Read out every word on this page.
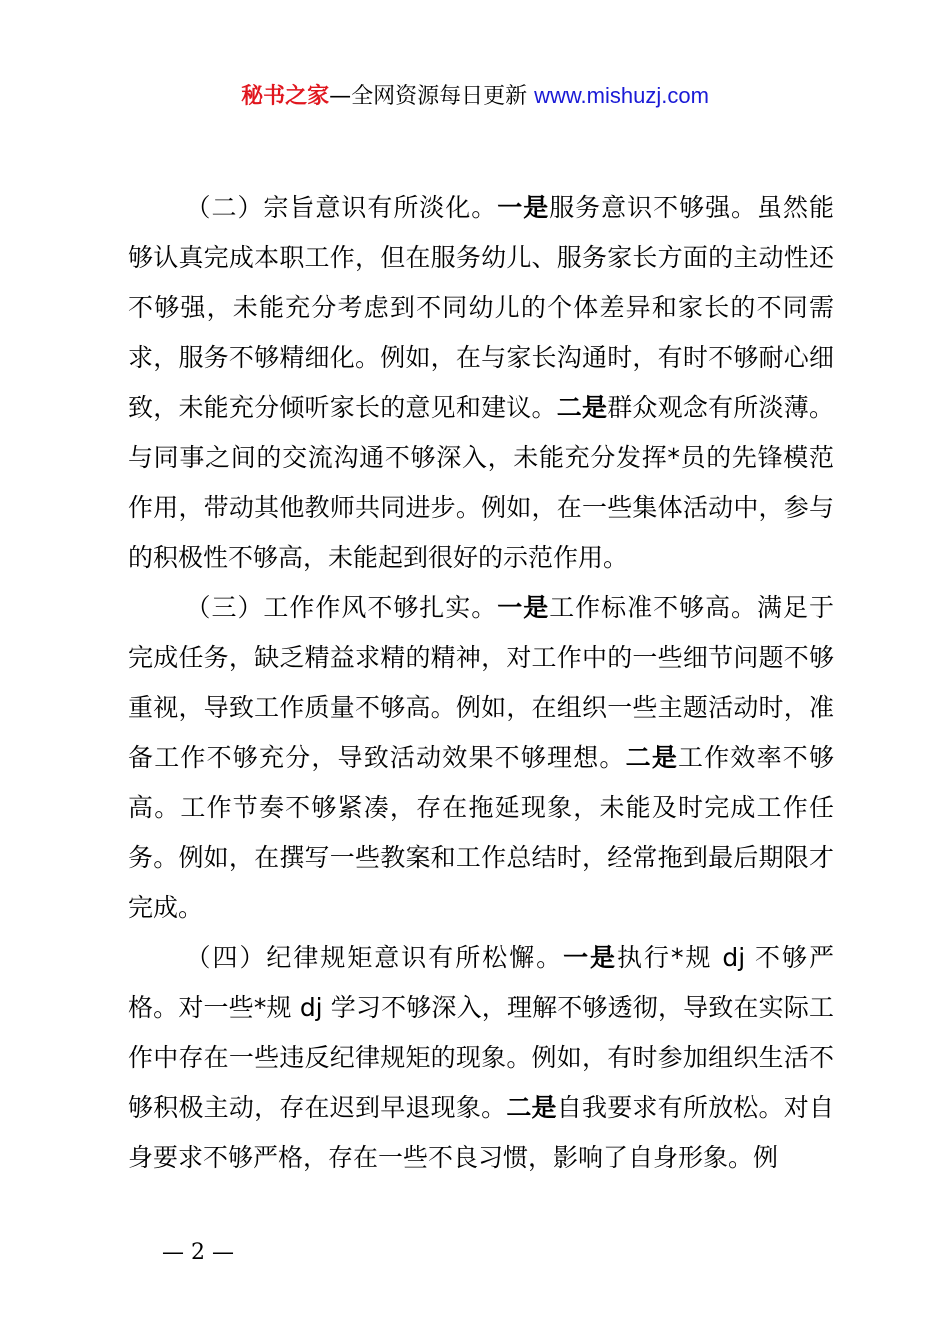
秘书之家—全网资源每日更新 www.mishuzj.com

（二）宗旨意识有所淡化。一是服务意识不够强。虽然能够认真完成本职工作，但在服务幼儿、服务家长方面的主动性还不够强，未能充分考虑到不同幼儿的个体差异和家长的不同需求，服务不够精细化。例如，在与家长沟通时，有时不够耐心细致，未能充分倾听家长的意见和建议。二是群众观念有所淡薄。与同事之间的交流沟通不够深入，未能充分发挥*员的先锋模范作用，带动其他教师共同进步。例如，在一些集体活动中，参与的积极性不够高，未能起到很好的示范作用。

（三）工作作风不够扎实。一是工作标准不够高。满足于完成任务，缺乏精益求精的精神，对工作中的一些细节问题不够重视，导致工作质量不够高。例如，在组织一些主题活动时，准备工作不够充分，导致活动效果不够理想。二是工作效率不够高。工作节奏不够紧凑，存在拖延现象，未能及时完成工作任务。例如，在撰写一些教案和工作总结时，经常拖到最后期限才完成。

（四）纪律规矩意识有所松懈。一是执行*规 dj 不够严格。对一些*规 dj 学习不够深入，理解不够透彻，导致在实际工作中存在一些违反纪律规矩的现象。例如，有时参加组织生活不够积极主动，存在迟到早退现象。二是自我要求有所放松。对自身要求不够严格，存在一些不良习惯，影响了自身形象。例

— 2 —
